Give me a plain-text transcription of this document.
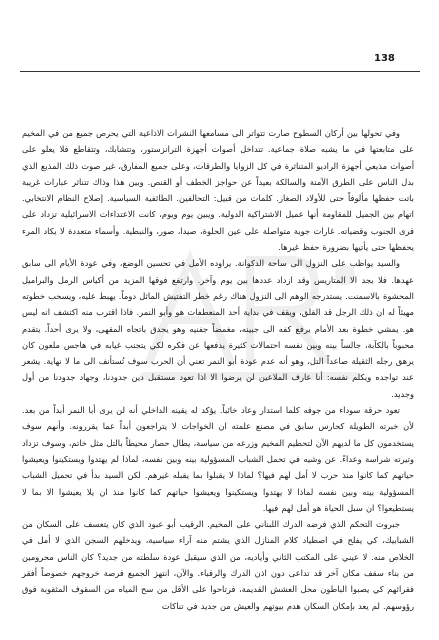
138

وفي تحولها بين أركان السطوح صارت تتواتر الى مسامعها النشرات الاذاعية التي يحرص جميع من في المخيم على متابعتها في ما يشبه صلاة جماعية. تتداخل أصوات أجهزة الترانزستور، وتتشابك، وتتقاطع فلا يعلو على أصوات مذيعي أجهزة الراديو المتناثرة في كل الزوايا والطرقات، وعلى جميع المفارق، غير صوت ذلك المذيع الذي بدل الناس على الطرق الآمنة والسالكة بعيداً عن حواجز الخطف أو القنص. وبين هذا وذاك تتناثر عبارات غريبة باتت حفظها مألوفاً حتى للأولاد الصغار. كلمات من قبيل: التحالفين. الطائفية السياسية. إصلاح النظام الانتخابي. اتهام بين الجميل للمقاومة أنها عميل الاشتراكية الدولية. ويبين يوم ويوم، كانت الاعتداءات الاسرائيلية تزداد على قرى الجنوب وقضياته. غارات جوية متواصلة على عين الحلوة، صيدا، صور، والنبطية. وأسماء متعددة لا يكاد المرء يحفظها حتى يأتيها بضرورة حفظ غيرها.

والسيد يواظب على النزول الى ساحة الدكوانة. يراوده الأمل في تحسين الوضع، وفي عودة الأيام الى سابق عهدها. فلا يجد الا المتاريس وقد ازداد عددها بين يوم وآخر. وارتفع فوقها المزيد من أكياس الرمل والبراميل المحشوة بالاسمنت. يستدرجه الوهم الى النزول هناك رغم خطر التفتيش الماثل دوماً. يهبط عليه، ويسحب خطوته مهيئاً له ان ذلك الرجل قد القلق، ويقف في بداية أحد المنعطفات هو وأبو النمر. فاذا اقترب منه اكتشف انه ليس هو. يمشي خطوة بعد الأمام يرفع كفه الى جبينه، مغمضاً جفنيه وهو يحدق باتجاه المقهى، ولا يرى أحداً. يتقدم محبوباً بالكآبة، جالساً بينه وبين نفسه احتمالات كثيرة يدفعها عن فكره لكي يتجنب غيابه في هاجس ملعون كان يرهق رجله الثقيلة صاعداً التل، وهو أنه عدم عودة أبو النمر تعني أن الحرب سوف تُستأنف الى ما لا نهاية. يشعر عند تواجده ويكلم نفسه: أنا عارف الملاعين لن يرضوا الا اذا تعود مستقبل دين جدودنا، وجهاد جدودنا من أول وجديد.

تعود حرقة سوداء من جوفه كلما استدار وعاد خائباً. يؤكد له يقينه الداخلي أنه لن يرى أبا النمر أبداً من بعد. لأن خبرته الطويلة كحارس سابق في مصنع علمته ان الخواجات لا يتراجعون أبداً عما يقررونه. وأنهم سوف يستخدمون كل ما لديهم الآن لتحطيم المخيم وزرعه من سياسة، يطال حصار محيطاً بالتل مثل خاتم، وسوف تزداد وتيرته شراسة وعداءً. عن وشيه في تحمل الشباب المسؤولية بينه وبين نفسه، لماذا لم يهتدوا ويستكينوا ويعيشوا حياتهم كما كانوا منذ حرب لا أمل لهم فيها؟ لماذا لا يقبلوا بما يقبله غيرهم. لكن السيد بدأ في تحميل الشباب المسؤولية بينه وبين نفسه لماذا لا يهتدوا ويستكينوا ويعيشوا حياتهم كما كانوا منذ ان يلا يعيشوا الا بما لا يستطيعوا؟ ان سبل الحياة هو أمل لهم فيها.

جبروت التحكم الذي فرضه الدرك اللبناني على المخيم. الرقيب أبو عبود الذي كان يتعسف على السكان من الشبابيك، كي يفلح في اصطياد كلام المنازل الذي يشتم منه آراء سياسية، ويدخلهم السجن الذي لا أمل في الخلاص منه. لا عيني على المكتب الثاني وأياديه، من الذي سيقبل عودة سلطته من جديد؟ كان الناس محرومين من بناء سقف مكان آخر قد تداعى دون اذن الدرك والرقباء. والآن، انتهز الجميع فرصة خروجهم خصوصاً أفقر فقرائهم كي يصبوا الباطون محل العشش القديمة، فرتاحوا على الأقل من سح المياه من السقوف المثقوبة فوق رؤوسهم. لم يعد بإمكان السكان هدم بيوتهم والعيش من جديد في تناكات
